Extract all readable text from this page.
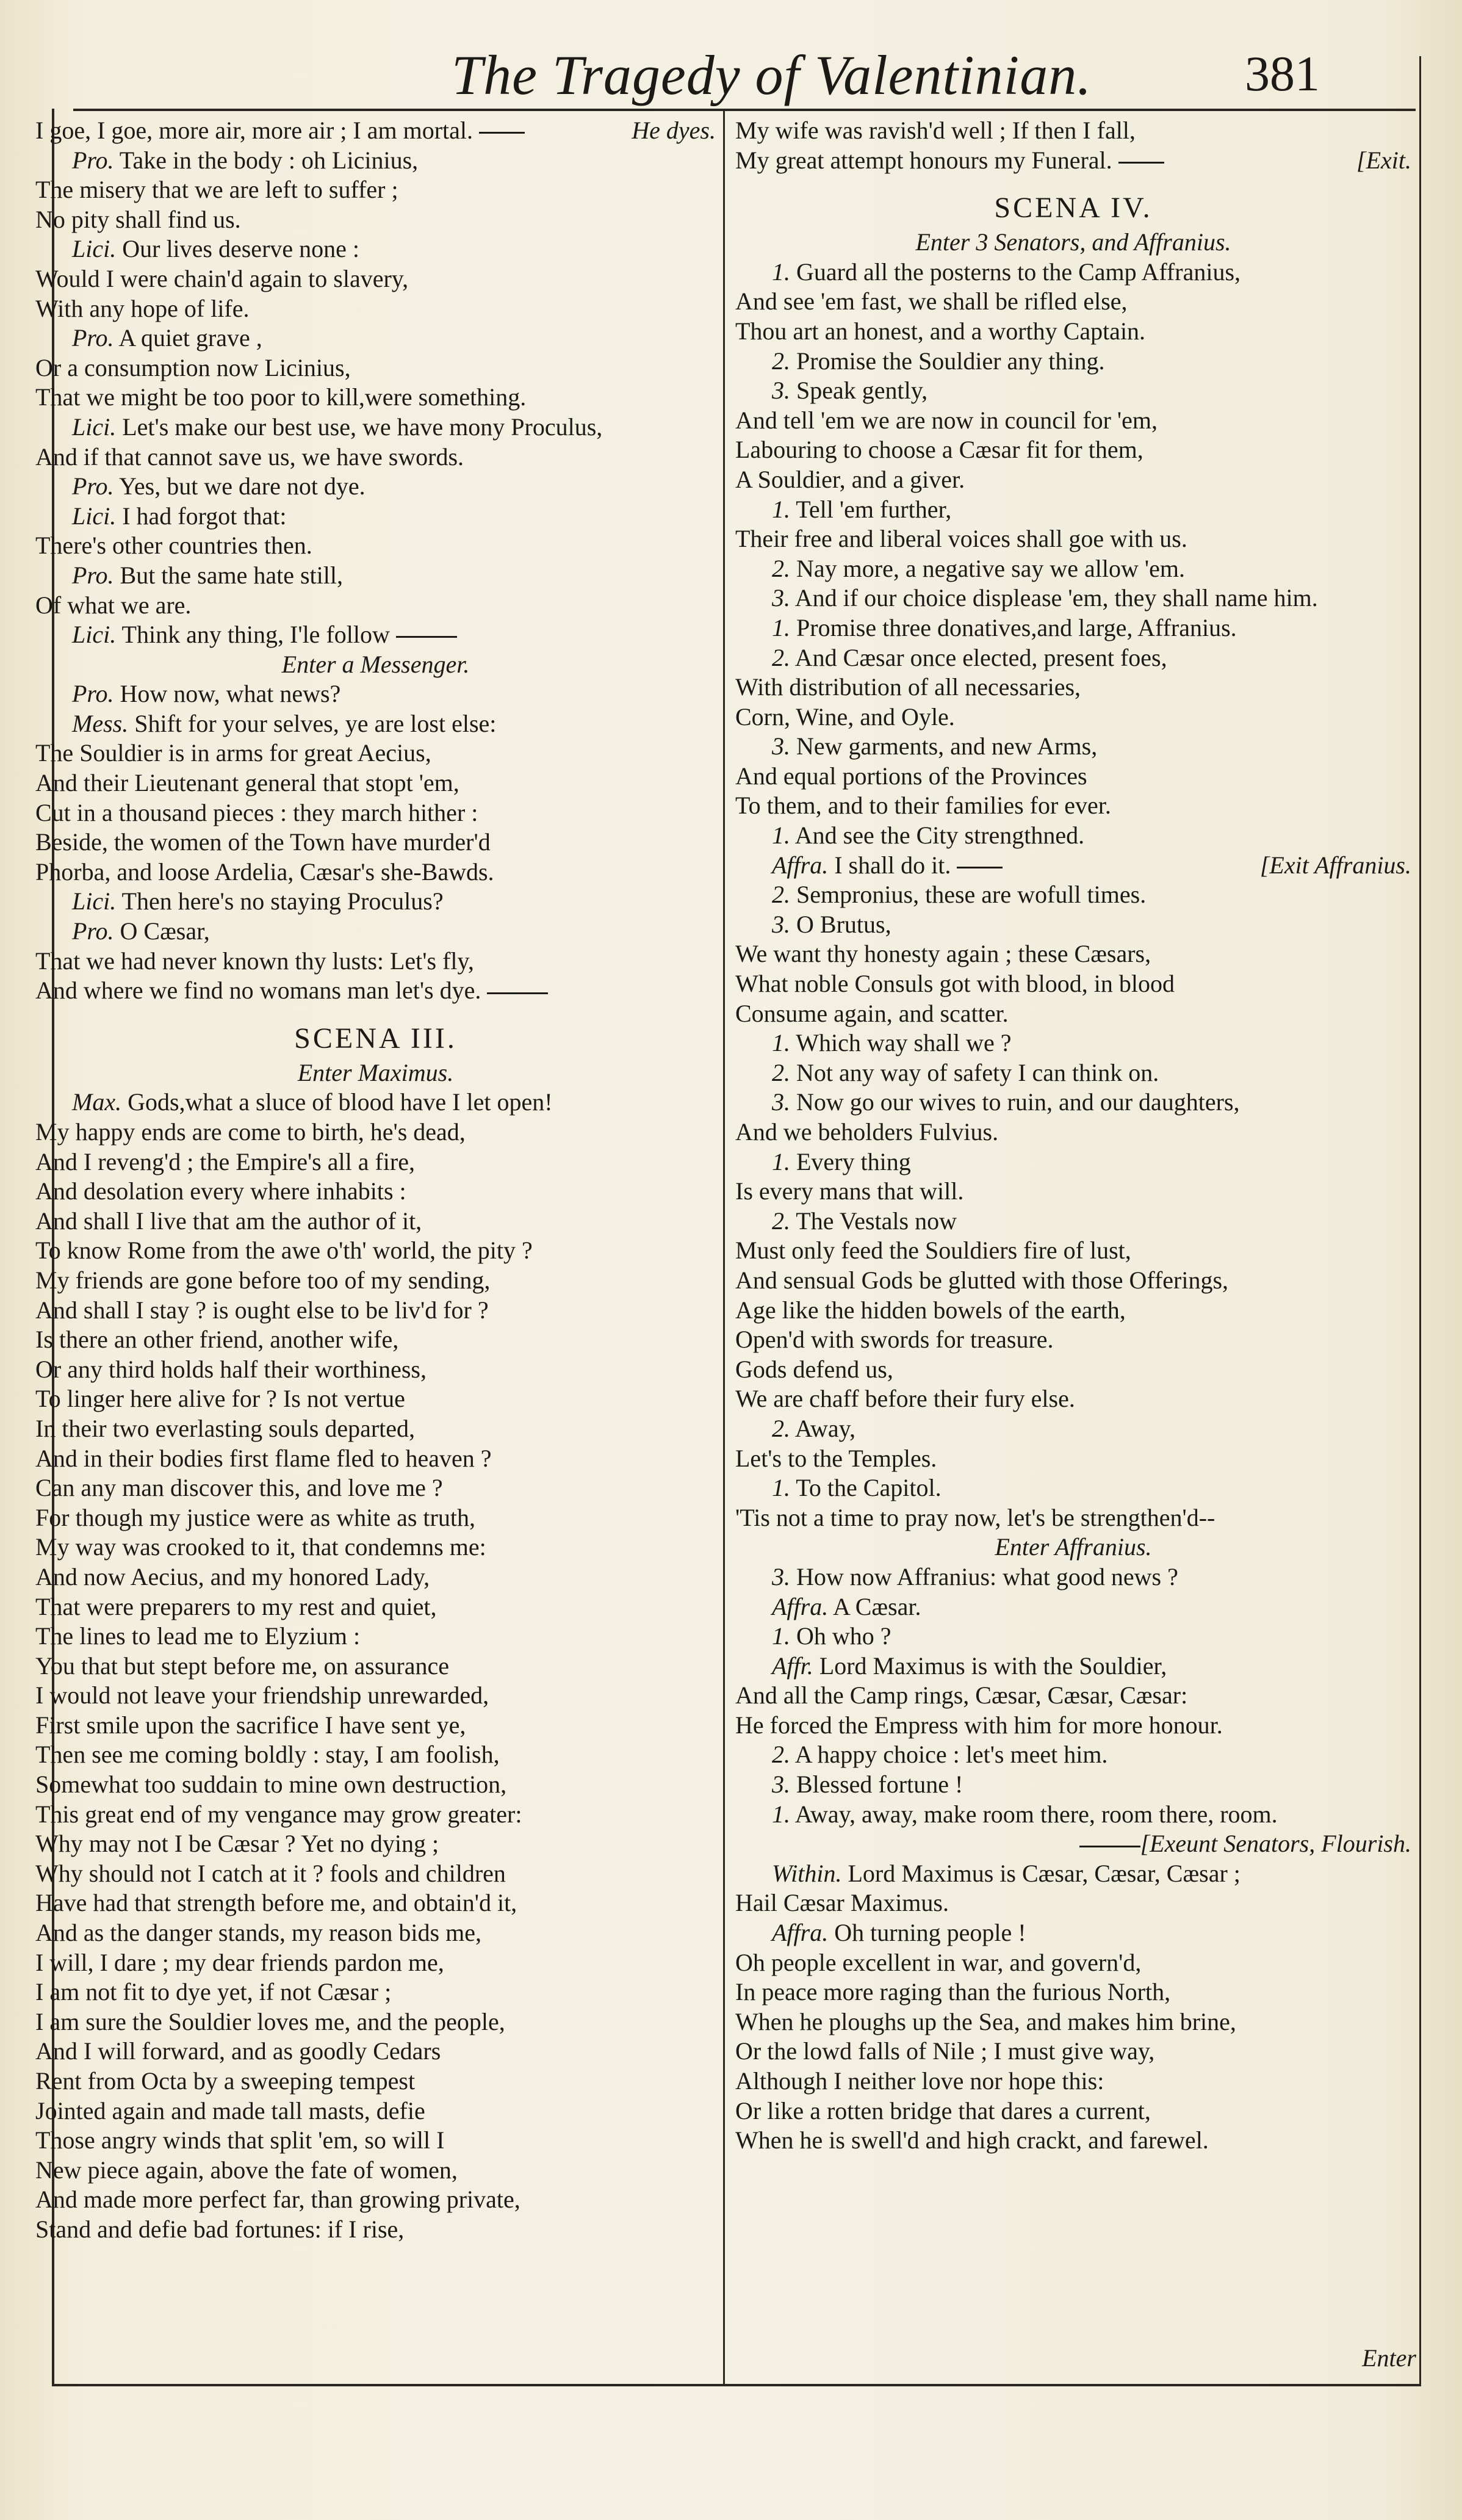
The Tragedy of Valentinian.	381
I goe, I goe, more air, more air ; I am mortal.	He dyes.
Pro. Take in the body : oh Licinius,
The misery that we are left to suffer ;
No pity shall find us.
Lici. Our lives deserve none :
Would I were chain'd again to slavery,
With any hope of life.
Pro. A quiet grave ,
Or a consumption now Licinius,
That we might be too poor to kill,were something.
Lici. Let's make our best use, we have mony Proculus,
And if that cannot save us, we have swords.
Pro. Yes, but we dare not dye.
Lici. I had forgot that:
There's other countries then.
Pro. But the same hate still,
Of what we are.
Lici. Think any thing, I'le follow
Enter a Messenger.
Pro. How now, what news?
Mess. Shift for your selves, ye are lost else:
The Souldier is in arms for great Aecius,
And their Lieutenant general that stopt 'em,
Cut in a thousand pieces : they march hither :
Beside, the women of the Town have murder'd
Phorba, and loose Ardelia, Cæsar's she-Bawds.
Lici. Then here's no staying Proculus?
Pro. O Cæsar,
That we had never known thy lusts: Let's fly,
And where we find no womans man let's dye.
SCENA III.
Enter Maximus.
Max. Gods,what a sluce of blood have I let open!
My happy ends are come to birth, he's dead,
And I reveng'd ; the Empire's all a fire,
And desolation every where inhabits :
And shall I live that am the author of it,
To know Rome from the awe o'th' world, the pity ?
My friends are gone before too of my sending,
And shall I stay ? is ought else to be liv'd for ?
Is there an other friend, another wife,
Or any third holds half their worthiness,
To linger here alive for ? Is not vertue
In their two everlasting souls departed,
And in their bodies first flame fled to heaven ?
Can any man discover this, and love me ?
For though my justice were as white as truth,
My way was crooked to it, that condemns me:
And now Aecius, and my honored Lady,
That were preparers to my rest and quiet,
The lines to lead me to Elyzium :
You that but stept before me, on assurance
I would not leave your friendship unrewarded,
First smile upon the sacrifice I have sent ye,
Then see me coming boldly : stay, I am foolish,
Somewhat too suddain to mine own destruction,
This great end of my vengance may grow greater:
Why may not I be Cæsar ? Yet no dying ;
Why should not I catch at it ? fools and children
Have had that strength before me, and obtain'd it,
And as the danger stands, my reason bids me,
I will, I dare ; my dear friends pardon me,
I am not fit to dye yet, if not Cæsar ;
I am sure the Souldier loves me, and the people,
And I will forward, and as goodly Cedars
Rent from Octa by a sweeping tempest
Jointed again and made tall masts, defie
Those angry winds that split 'em, so will I
New piece again, above the fate of women,
And made more perfect far, than growing private,
Stand and defie bad fortunes: if I rise,
My wife was ravish'd well ; If then I fall,
My great attempt honours my Funeral.	[Exit.
SCENA IV.
Enter 3 Senators, and Affranius.
1. Guard all the posterns to the Camp Affranius,
And see 'em fast, we shall be rifled else,
Thou art an honest, and a worthy Captain.
2. Promise the Souldier any thing.
3. Speak gently,
And tell 'em we are now in council for 'em,
Labouring to choose a Cæsar fit for them,
A Souldier, and a giver.
1. Tell 'em further,
Their free and liberal voices shall goe with us.
2. Nay more, a negative say we allow 'em.
3. And if our choice displease 'em, they shall name him.
1. Promise three donatives,and large, Affranius.
2. And Cæsar once elected, present foes,
With distribution of all necessaries,
Corn, Wine, and Oyle.
3. New garments, and new Arms,
And equal portions of the Provinces
To them, and to their families for ever.
1. And see the City strengthned.
Affra. I shall do it.	[Exit Affranius.
2. Sempronius, these are wofull times.
3. O Brutus,
We want thy honesty again ; these Cæsars,
What noble Consuls got with blood, in blood
Consume again, and scatter.
1. Which way shall we ?
2. Not any way of safety I can think on.
3. Now go our wives to ruin, and our daughters,
And we beholders Fulvius.
1. Every thing
Is every mans that will.
2. The Vestals now
Must only feed the Souldiers fire of lust,
And sensual Gods be glutted with those Offerings,
Age like the hidden bowels of the earth,
Open'd with swords for treasure.
Gods defend us,
We are chaff before their fury else.
2. Away,
Let's to the Temples.
1. To the Capitol.
'Tis not a time to pray now, let's be strengthen'd--
Enter Affranius.
3. How now Affranius: what good news ?
Affra. A Cæsar.
1. Oh who ?
Affr. Lord Maximus is with the Souldier,
And all the Camp rings, Cæsar, Cæsar, Cæsar:
He forced the Empress with him for more honour.
2. A happy choice : let's meet him.
3. Blessed fortune !
1. Away, away, make room there, room there, room.
[Exeunt Senators, Flourish.
Within. Lord Maximus is Cæsar, Cæsar, Cæsar ;
Hail Cæsar Maximus.
Affra. Oh turning people !
Oh people excellent in war, and govern'd,
In peace more raging than the furious North,
When he ploughs up the Sea, and makes him brine,
Or the lowd falls of Nile ; I must give way,
Although I neither love nor hope this:
Or like a rotten bridge that dares a current,
When he is swell'd and high crackt, and farewel.
Enter
